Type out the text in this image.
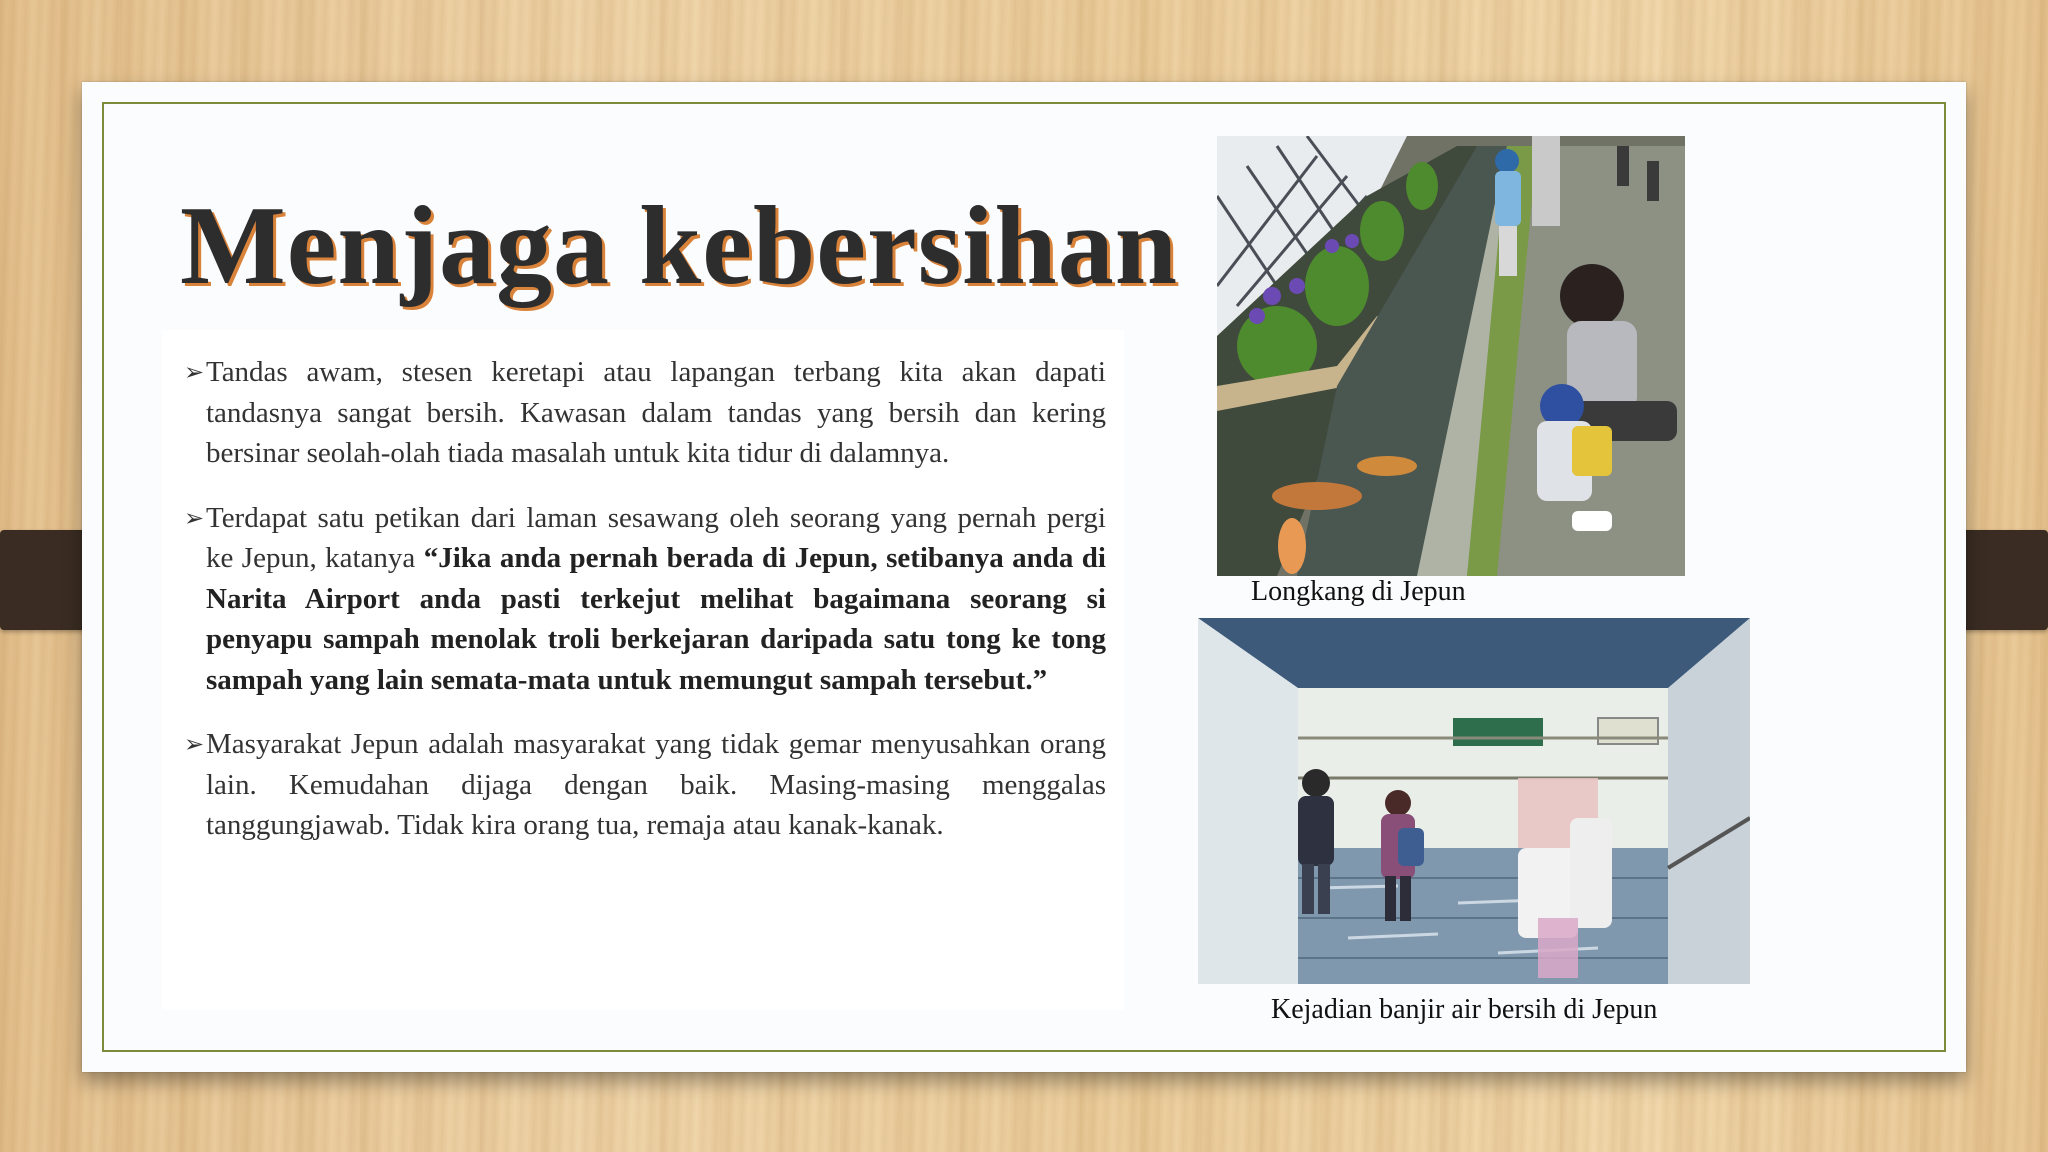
Menjaga kebersihan
➢ Tandas awam, stesen keretapi atau lapangan terbang kita akan dapati tandasnya sangat bersih. Kawasan dalam tandas yang bersih dan kering bersinar seolah-olah tiada masalah untuk kita tidur di dalamnya.
➢ Terdapat satu petikan dari laman sesawang oleh seorang yang pernah pergi ke Jepun, katanya “Jika anda pernah berada di Jepun, setibanya anda di Narita Airport anda pasti terkejut melihat bagaimana seorang si penyapu sampah menolak troli berkejaran daripada satu tong ke tong sampah yang lain semata-mata untuk memungut sampah tersebut.”
➢ Masyarakat Jepun adalah masyarakat yang tidak gemar menyusahkan orang lain. Kemudahan dijaga dengan baik. Masing-masing menggalas tanggungjawab. Tidak kira orang tua, remaja atau kanak-kanak.
Longkang di Jepun
Kejadian banjir air bersih di Jepun
